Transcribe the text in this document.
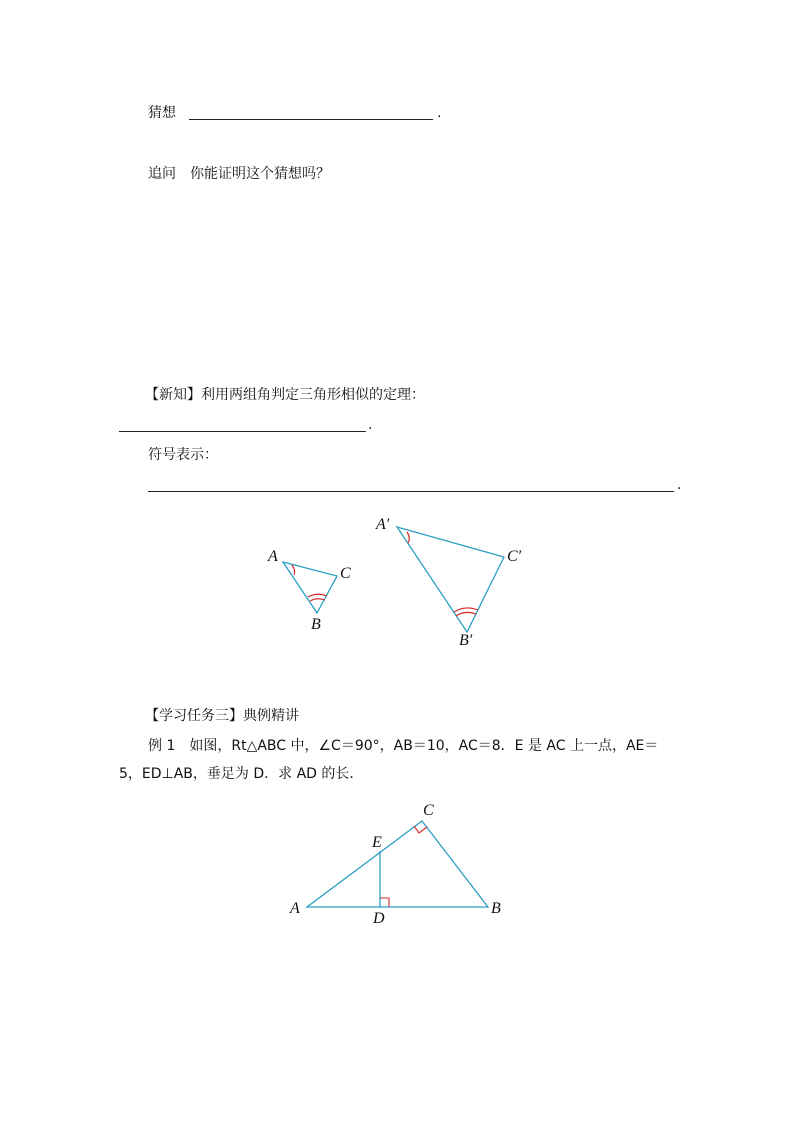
猜想	.
追问 你能证明这个猜想吗？
【新知】利用两组角判定三角形相似的定理：
.
符号表示：
.
A
C
B
A′
C′
B′
【学习任务三】典例精讲
例 1　如图，Rt△ABC 中，∠C＝90°，AB＝10，AC＝8．E 是 AC 上一点，AE＝
5，ED⊥AB，垂足为 D．求 AD 的长．
A	B
C
D
E
